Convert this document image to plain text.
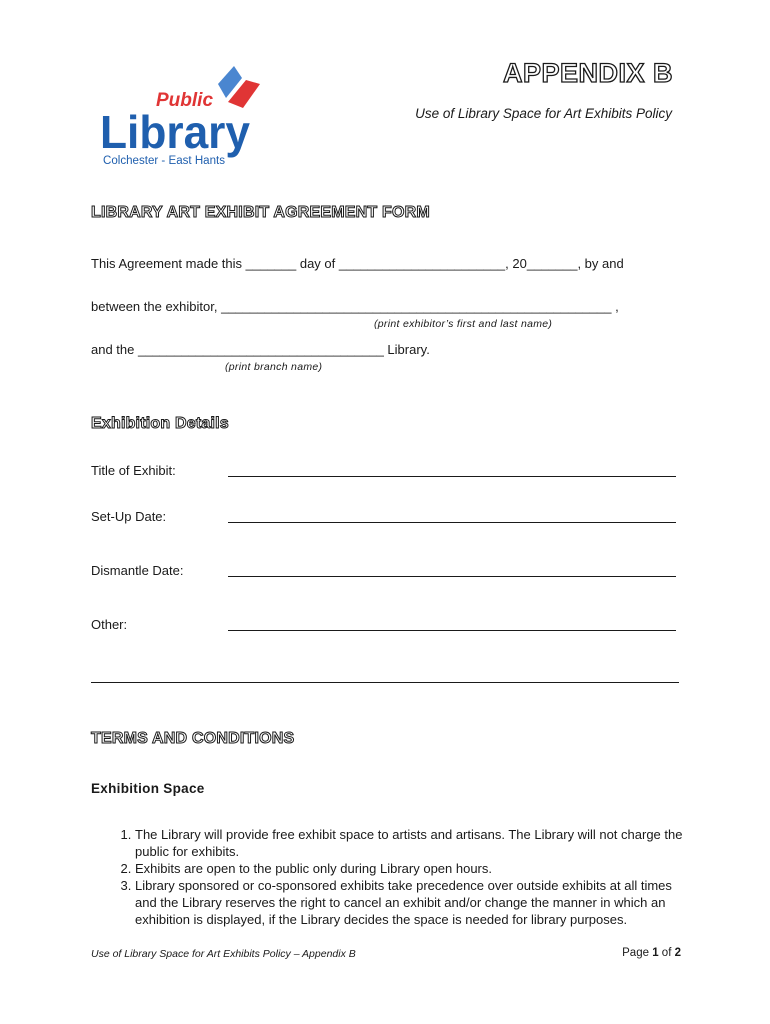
Public
Library
Colchester - East Hants
APPENDIX B
Use of Library Space for Art Exhibits Policy
LIBRARY ART EXHIBIT AGREEMENT FORM
This Agreement made this _______ day of _______________________, 20_______, by and
between the exhibitor, ______________________________________________________ ,
(print exhibitor’s first and last name)
and the __________________________________ Library.
(print branch name)
Exhibition Details
Title of Exhibit:
Set-Up Date:
Dismantle Date:
Other:
TERMS AND CONDITIONS
Exhibition Space
1. The Library will provide free exhibit space to artists and artisans. The Library will not charge the public for exhibits.
2. Exhibits are open to the public only during Library open hours.
3. Library sponsored or co-sponsored exhibits take precedence over outside exhibits at all times and the Library reserves the right to cancel an exhibit and/or change the manner in which an exhibition is displayed, if the Library decides the space is needed for library purposes.
Use of Library Space for Art Exhibits Policy – Appendix B	Page 1 of 2
